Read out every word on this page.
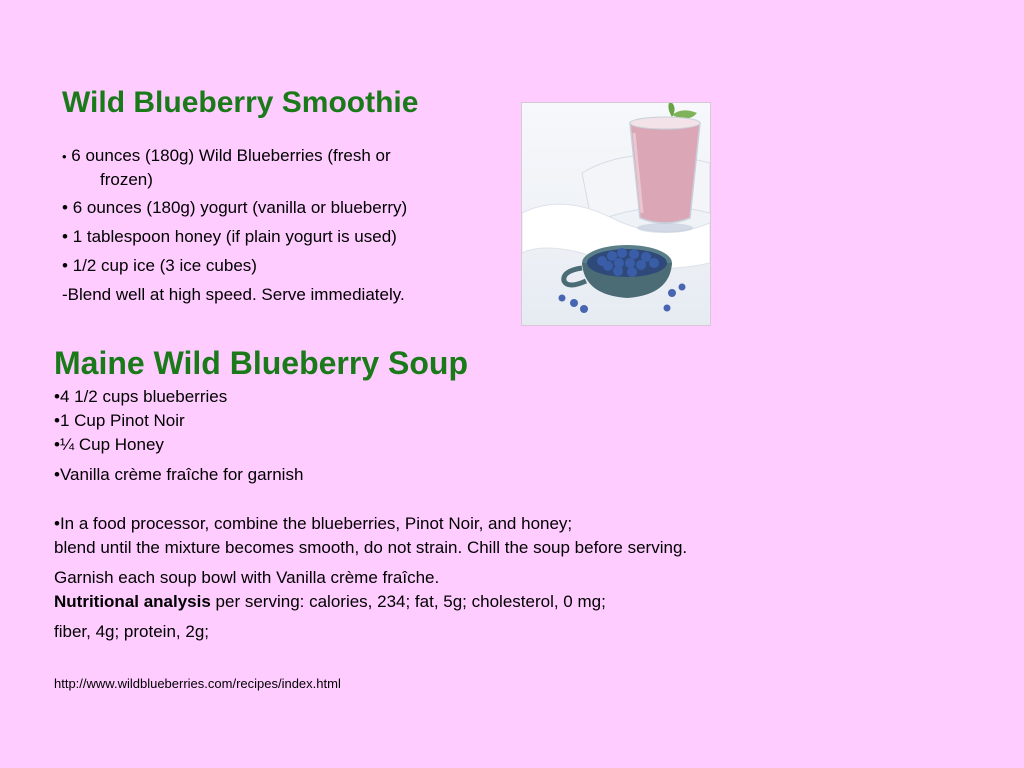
Wild Blueberry Smoothie
• 6 ounces (180g) Wild Blueberries (fresh or
frozen)
• 6 ounces (180g) yogurt (vanilla or blueberry)
• 1 tablespoon honey (if plain yogurt is used)
• 1/2 cup ice (3 ice cubes)
-Blend well at high speed. Serve immediately.
Maine Wild Blueberry Soup
•4 1/2 cups blueberries
•1 Cup Pinot Noir
•¼ Cup Honey
•Vanilla crème fraîche for garnish
•In a food processor, combine the blueberries, Pinot Noir, and honey;
blend until the mixture becomes smooth, do not strain. Chill the soup before serving.
Garnish each soup bowl with Vanilla crème fraîche.
Nutritional analysis per serving: calories, 234; fat, 5g; cholesterol, 0 mg;
fiber, 4g; protein, 2g;
http://www.wildblueberries.com/recipes/index.html
